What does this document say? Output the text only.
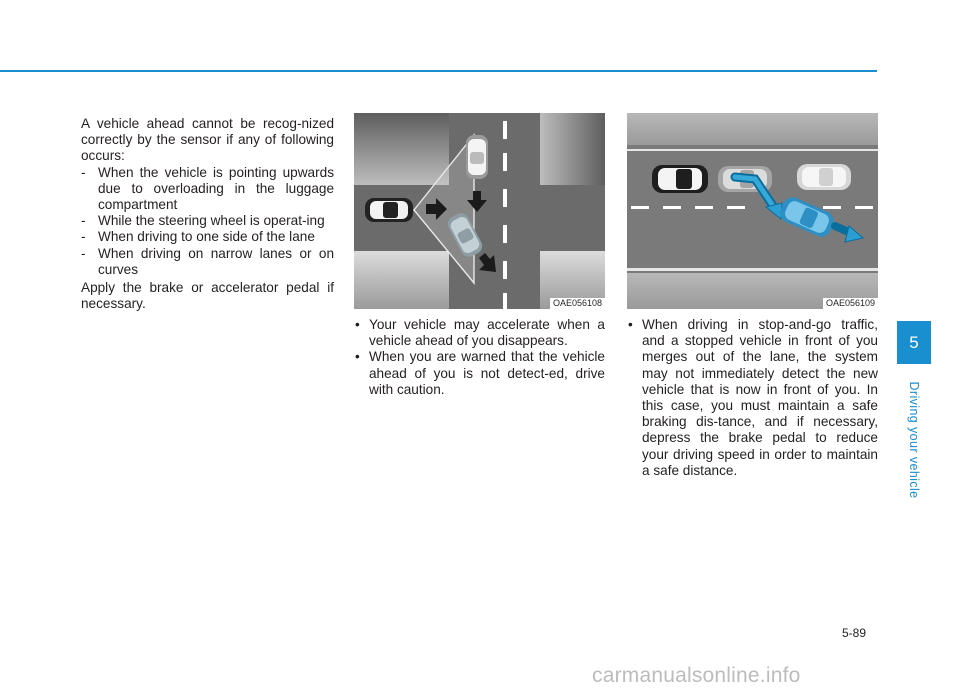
A vehicle ahead cannot be recog-nized correctly by the sensor if any of following occurs:

- When the vehicle is pointing upwards due to overloading in the luggage compartment

- While the steering wheel is operat-ing

- When driving to one side of the lane

- When driving on narrow lanes or on curves

Apply the brake or accelerator pedal if necessary.	OAE056108	OAE056109

• Your vehicle may accelerate when a vehicle ahead of you disappears.

• When you are warned that the vehicle ahead of you is not detect-ed, drive with caution.

• When driving in stop-and-go traffic, and a stopped vehicle in front of you merges out of the lane, the system may not immediately detect the new vehicle that is now in front of you. In this case, you must maintain a safe braking dis-tance, and if necessary, depress the brake pedal to reduce your driving speed in order to maintain a safe distance.

5
Driving your vehicle
5-89
carmanualsonline.info
